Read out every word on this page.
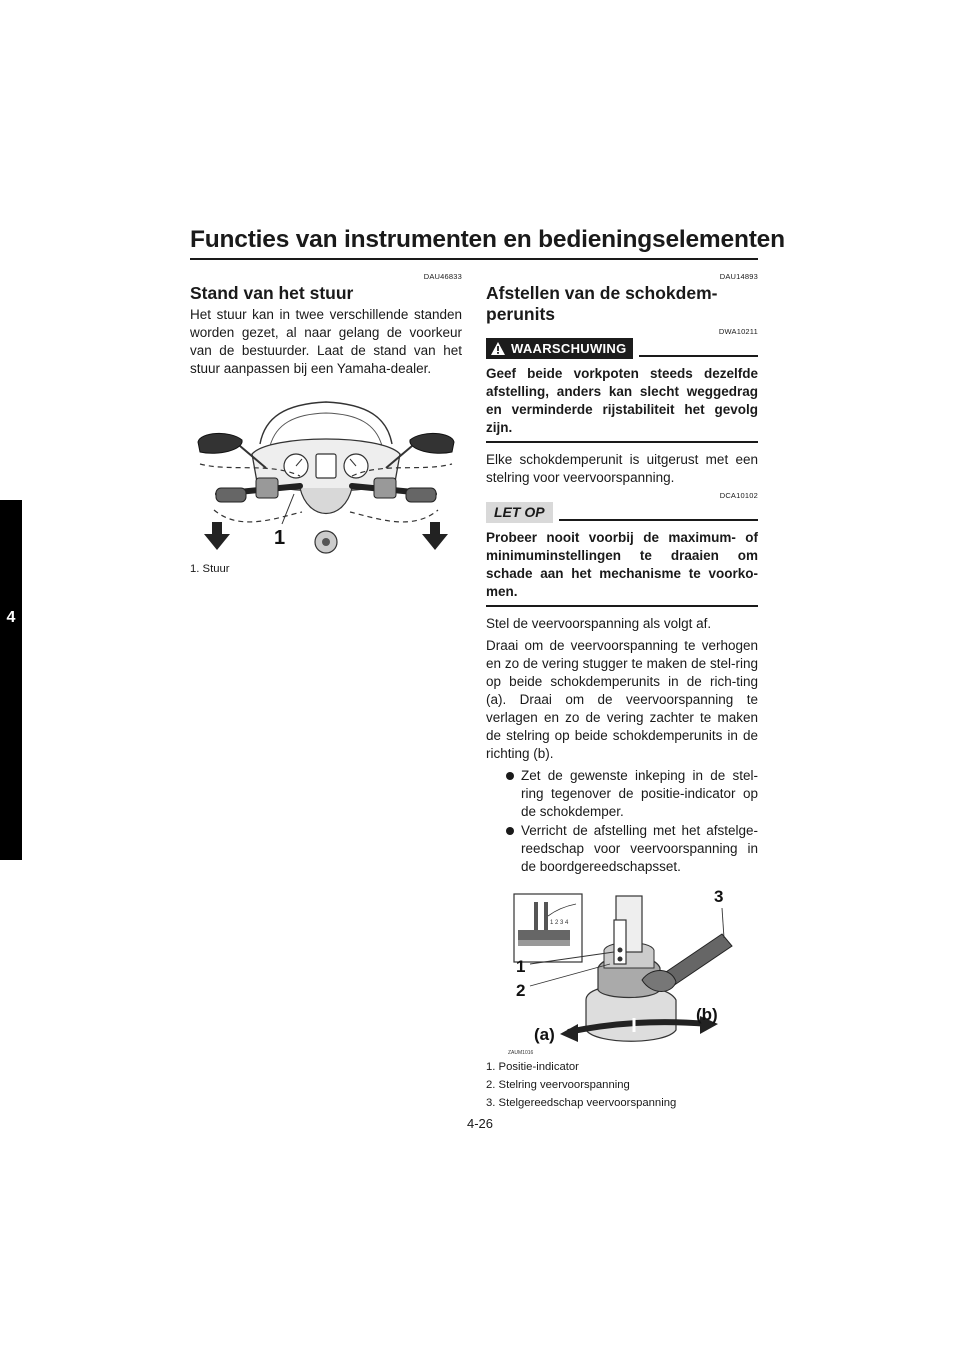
Functies van instrumenten en bedieningselementen
4
DAU46833
Stand van het stuur

Het stuur kan in twee verschillende standen worden gezet, al naar gelang de voorkeur van de bestuurder. Laat de stand van het stuur aanpassen bij een Yamaha-dealer.

1
1. Stuur
DAU14893
Afstellen van de schokdem-perunits
DWA10211
WAARSCHUWING

Geef beide vorkpoten steeds dezelfde afstelling, anders kan slecht weggedrag en verminderde rijstabiliteit het gevolg zijn.

Elke schokdemperunit is uitgerust met een stelring voor veervoorspanning.

DCA10102
LET OP

Probeer nooit voorbij de maximum- of minimuminstellingen te draaien om schade aan het mechanisme te voorko-men.

Stel de veervoorspanning als volgt af.

Draai om de veervoorspanning te verhogen en zo de vering stugger te maken de stel-ring op beide schokdemperunits in de rich-ting (a). Draai om de veervoorspanning te verlagen en zo de vering zachter te maken de stelring op beide schokdemperunits in de richting (b).

Zet de gewenste inkeping in de stel-ring tegenover de positie-indicator op de schokdemper.
Verricht de afstelling met het afstelge-reedschap voor veervoorspanning in de boordgereedschapsset.
1 2 3 4
1
2
3
(a)
(b)
ZAUM1016
1. Positie-indicator
2. Stelring veervoorspanning
3. Stelgereedschap veervoorspanning
4-26
